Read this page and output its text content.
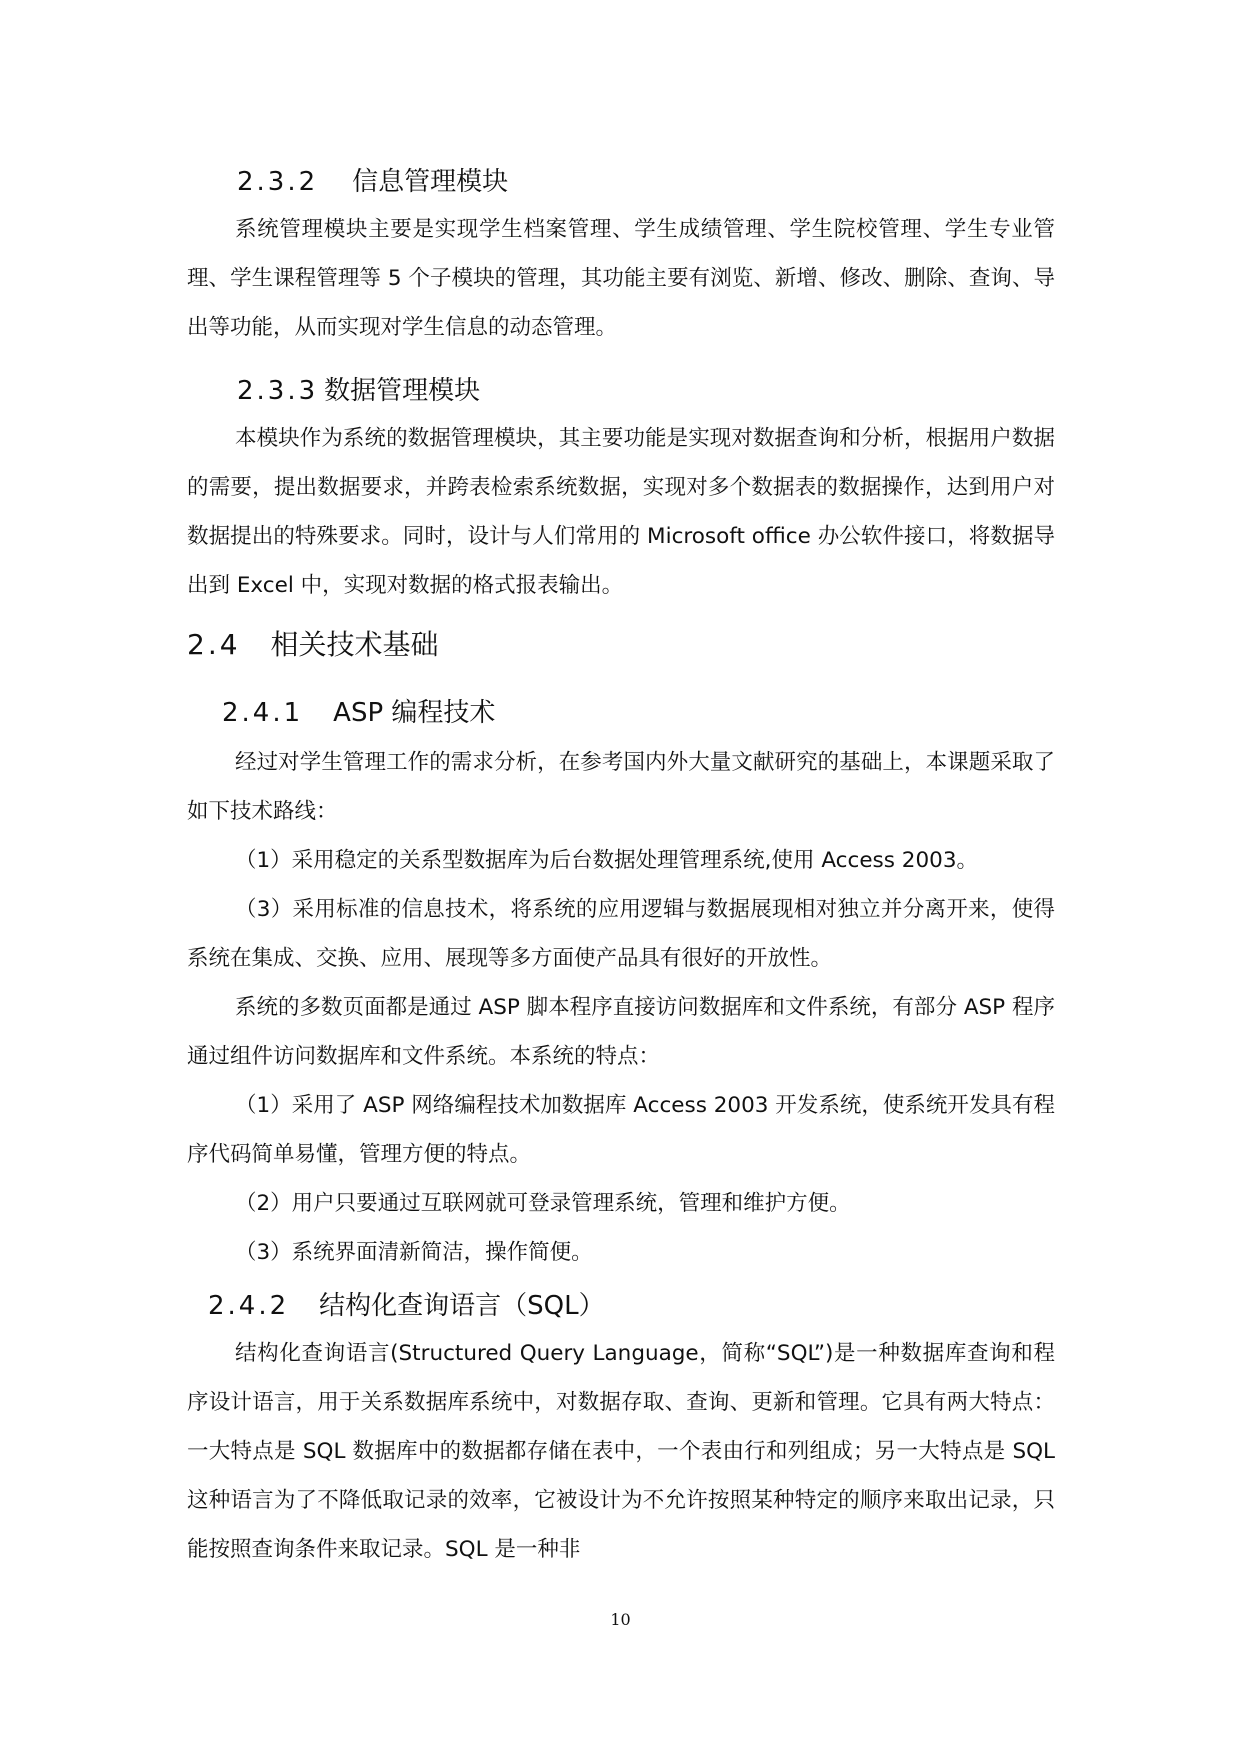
2.3.2 信息管理模块
系统管理模块主要是实现学生档案管理、学生成绩管理、学生院校管理、学生专业管理、学生课程管理等 5 个子模块的管理，其功能主要有浏览、新增、修改、删除、查询、导出等功能，从而实现对学生信息的动态管理。
2.3.3 数据管理模块
本模块作为系统的数据管理模块，其主要功能是实现对数据查询和分析，根据用户数据的需要，提出数据要求，并跨表检索系统数据，实现对多个数据表的数据操作，达到用户对数据提出的特殊要求。同时，设计与人们常用的 Microsoft office 办公软件接口，将数据导出到 Excel 中，实现对数据的格式报表输出。
2.4 相关技术基础
2.4.1 ASP 编程技术
经过对学生管理工作的需求分析，在参考国内外大量文献研究的基础上，本课题采取了如下技术路线：
（1）采用稳定的关系型数据库为后台数据处理管理系统,使用 Access 2003。
（3）采用标准的信息技术，将系统的应用逻辑与数据展现相对独立并分离开来，使得系统在集成、交换、应用、展现等多方面使产品具有很好的开放性。
系统的多数页面都是通过 ASP 脚本程序直接访问数据库和文件系统，有部分 ASP 程序通过组件访问数据库和文件系统。本系统的特点：
（1）采用了 ASP 网络编程技术加数据库 Access 2003 开发系统，使系统开发具有程序代码简单易懂，管理方便的特点。
（2）用户只要通过互联网就可登录管理系统，管理和维护方便。
（3）系统界面清新简洁，操作简便。
2.4.2 结构化查询语言（SQL）
结构化查询语言(Structured Query Language，简称“SQL”)是一种数据库查询和程序设计语言，用于关系数据库系统中，对数据存取、查询、更新和管理。它具有两大特点：一大特点是 SQL 数据库中的数据都存储在表中，一个表由行和列组成；另一大特点是 SQL 这种语言为了不降低取记录的效率，它被设计为不允许按照某种特定的顺序来取出记录，只能按照查询条件来取记录。SQL 是一种非
10
